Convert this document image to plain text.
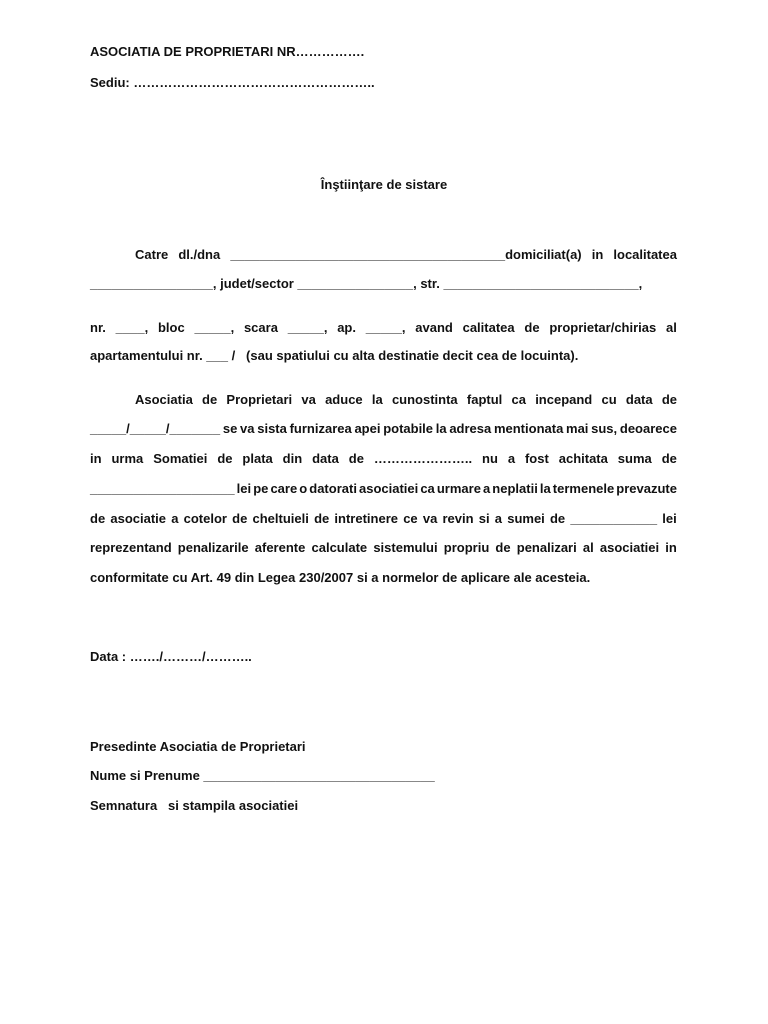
ASOCIATIA DE PROPRIETARI NR…………….
Sediu: ………………………………………………..
Înştiinţare de sistare
Catre dl./dna ______________________________________domiciliat(a) in localitatea
_________________, judet/sector ________________, str. ___________________________,
nr. ____, bloc _____, scara _____, ap. _____, avand calitatea de proprietar/chirias al
apartamentului nr. ___ /   (sau spatiului cu alta destinatie decit cea de locuinta).
Asociatia de Proprietari va aduce la cunostinta faptul ca incepand cu data de
_____/_____/_______ se va sista furnizarea apei potabile la adresa mentionata mai sus, deoarece
in urma Somatiei de plata din data de ………………….. nu a fost achitata suma de
____________________ lei pe care o datorati asociatiei ca urmare a neplatii la termenele prevazute
de asociatie a cotelor de cheltuieli de intretinere ce va revin si a sumei de ____________ lei
reprezentand penalizarile aferente calculate sistemului propriu de penalizari al asociatiei in
conformitate cu Art. 49 din Legea 230/2007 si a normelor de aplicare ale acesteia.
Data : ……./………/………..
Presedinte Asociatia de Proprietari
Nume si Prenume ________________________________
Semnatura   si stampila asociatiei
